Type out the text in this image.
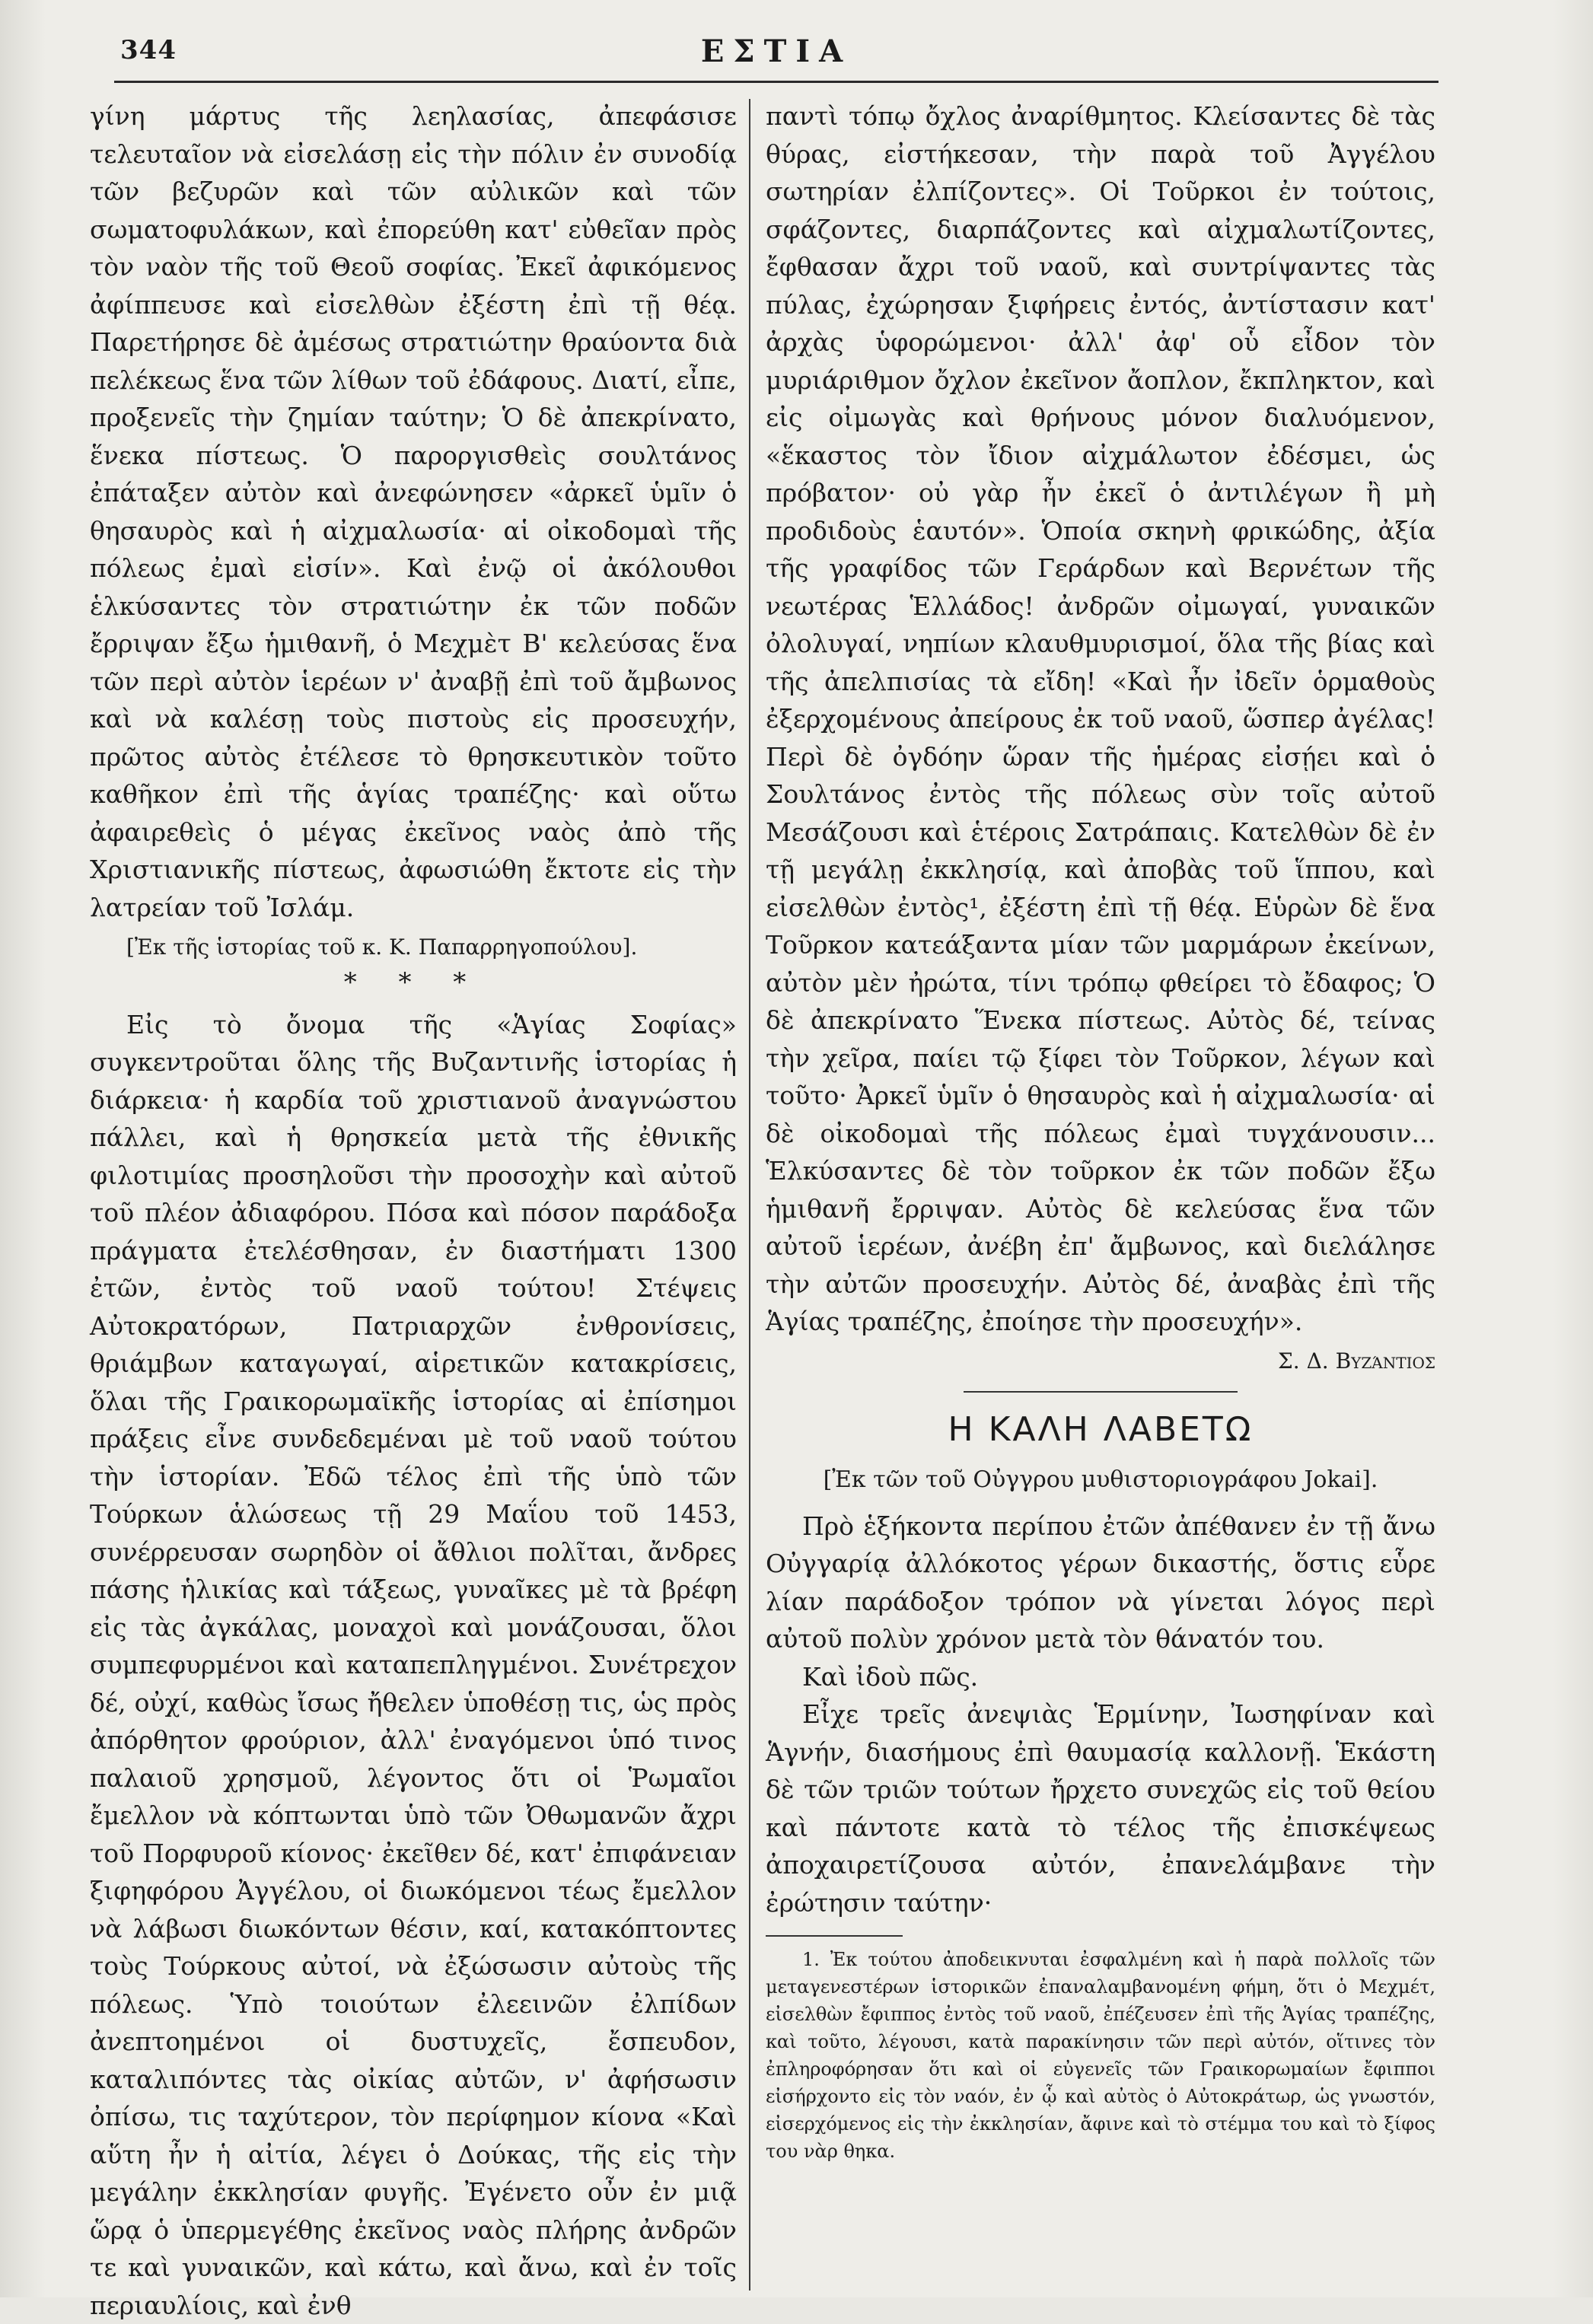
344	ΕΣΤΙΑ

γίνη μάρτυς τῆς λεηλασίας, ἀπεφάσισε τελευταῖον νὰ εἰσελάσῃ εἰς τὴν πόλιν ἐν συνοδίᾳ τῶν βεζυρῶν καὶ τῶν αὐλικῶν καὶ τῶν σωματοφυλάκων, καὶ ἐπορεύθη κατ' εὐθεῖαν πρὸς τὸν ναὸν τῆς τοῦ Θεοῦ σοφίας. Ἐκεῖ ἀφικόμενος ἀφίππευσε καὶ εἰσελθὼν ἐξέστη ἐπὶ τῇ θέᾳ. Παρετήρησε δὲ ἀμέσως στρατιώτην θραύοντα διὰ πελέκεως ἕνα τῶν λίθων τοῦ ἐδάφους. Διατί, εἶπε, προξενεῖς τὴν ζημίαν ταύτην; Ὁ δὲ ἀπεκρίνατο, ἕνεκα πίστεως. Ὁ παροργισθεὶς σουλτάνος ἐπάταξεν αὐτὸν καὶ ἀνεφώνησεν «ἀρκεῖ ὑμῖν ὁ θησαυρὸς καὶ ἡ αἰχμαλωσία· αἱ οἰκοδομαὶ τῆς πόλεως ἐμαὶ εἰσίν». Καὶ ἐνῷ οἱ ἀκόλουθοι ἑλκύσαντες τὸν στρατιώτην ἐκ τῶν ποδῶν ἔρριψαν ἔξω ἡμιθανῆ, ὁ Μεχμὲτ Β' κελεύσας ἕνα τῶν περὶ αὐτὸν ἱερέων ν' ἀναβῇ ἐπὶ τοῦ ἄμβωνος καὶ νὰ καλέσῃ τοὺς πιστοὺς εἰς προσευχήν, πρῶτος αὐτὸς ἐτέλεσε τὸ θρησκευτικὸν τοῦτο καθῆκον ἐπὶ τῆς ἁγίας τραπέζης· καὶ οὕτω ἀφαιρεθεὶς ὁ μέγας ἐκεῖνος ναὸς ἀπὸ τῆς Χριστιανικῆς πίστεως, ἀφωσιώθη ἔκτοτε εἰς τὴν λατρείαν τοῦ Ἰσλάμ.

[Ἐκ τῆς ἱστορίας τοῦ κ. Κ. Παπαρρηγοπούλου].

* * *

Εἰς τὸ ὄνομα τῆς «Ἁγίας Σοφίας» συγκεντροῦται ὅλης τῆς Βυζαντινῆς ἱστορίας ἡ διάρκεια· ἡ καρδία τοῦ χριστιανοῦ ἀναγνώστου πάλλει, καὶ ἡ θρησκεία μετὰ τῆς ἐθνικῆς φιλοτιμίας προσηλοῦσι τὴν προσοχὴν καὶ αὐτοῦ τοῦ πλέον ἀδιαφόρου. Πόσα καὶ πόσον παράδοξα πράγματα ἐτελέσθησαν, ἐν διαστήματι 1300 ἐτῶν, ἐντὸς τοῦ ναοῦ τούτου! Στέψεις Αὐτοκρατόρων, Πατριαρχῶν ἐνθρονίσεις, θριάμβων καταγωγαί, αἱρετικῶν κατακρίσεις, ὅλαι τῆς Γραικορωμαϊκῆς ἱστορίας αἱ ἐπίσημοι πράξεις εἶνε συνδεδεμέναι μὲ τοῦ ναοῦ τούτου τὴν ἱστορίαν. Ἐδῶ τέλος ἐπὶ τῆς ὑπὸ τῶν Τούρκων ἁλώσεως τῇ 29 Μαΐου τοῦ 1453, συνέρρευσαν σωρηδὸν οἱ ἄθλιοι πολῖται, ἄνδρες πάσης ἡλικίας καὶ τάξεως, γυναῖκες μὲ τὰ βρέφη εἰς τὰς ἀγκάλας, μοναχοὶ καὶ μονάζουσαι, ὅλοι συμπεφυρμένοι καὶ καταπεπληγμένοι. Συνέτρεχον δέ, οὐχί, καθὼς ἴσως ἤθελεν ὑποθέσῃ τις, ὡς πρὸς ἀπόρθητον φρούριον, ἀλλ' ἐναγόμενοι ὑπό τινος παλαιοῦ χρησμοῦ, λέγοντος ὅτι οἱ Ῥωμαῖοι ἔμελλον νὰ κόπτωνται ὑπὸ τῶν Ὀθωμανῶν ἄχρι τοῦ Πορφυροῦ κίονος· ἐκεῖθεν δέ, κατ' ἐπιφάνειαν ξιφηφόρου Ἀγγέλου, οἱ διωκόμενοι τέως ἔμελλον νὰ λάβωσι διωκόντων θέσιν, καί, κατακόπτοντες τοὺς Τούρκους αὐτοί, νὰ ἐξώσωσιν αὐτοὺς τῆς πόλεως. Ὑπὸ τοιούτων ἐλεεινῶν ἐλπίδων ἀνεπτοημένοι οἱ δυστυχεῖς, ἔσπευδον, καταλιπόντες τὰς οἰκίας αὐτῶν, ν' ἀφήσωσιν ὀπίσω, τις ταχύτερον, τὸν περίφημον κίονα «Καὶ αὕτη ἦν ἡ αἰτία, λέγει ὁ Δούκας, τῆς εἰς τὴν μεγάλην ἐκκλησίαν φυγῆς. Ἐγένετο οὖν ἐν μιᾷ ὥρᾳ ὁ ὑπερμεγέθης ἐκεῖνος ναὸς πλήρης ἀνδρῶν τε καὶ γυναικῶν, καὶ κάτω, καὶ ἄνω, καὶ ἐν τοῖς περιαυλίοις, καὶ ἐνθ

παντὶ τόπῳ ὄχλος ἀναρίθμητος. Κλείσαντες δὲ τὰς θύρας, εἰστήκεσαν, τὴν παρὰ τοῦ Ἀγγέλου σωτηρίαν ἐλπίζοντες». Οἱ Τοῦρκοι ἐν τούτοις, σφάζοντες, διαρπάζοντες καὶ αἰχμαλωτίζοντες, ἔφθασαν ἄχρι τοῦ ναοῦ, καὶ συντρίψαντες τὰς πύλας, ἐχώρησαν ξιφήρεις ἐντός, ἀντίστασιν κατ' ἀρχὰς ὑφορώμενοι· ἀλλ' ἀφ' οὗ εἶδον τὸν μυριάριθμον ὄχλον ἐκεῖνον ἄοπλον, ἔκπληκτον, καὶ εἰς οἰμωγὰς καὶ θρήνους μόνον διαλυόμενον, «ἕκαστος τὸν ἴδιον αἰχμάλωτον ἐδέσμει, ὡς πρόβατον· οὐ γὰρ ἦν ἐκεῖ ὁ ἀντιλέγων ἢ μὴ προδιδοὺς ἑαυτόν». Ὁποία σκηνὴ φρικώδης, ἀξία τῆς γραφίδος τῶν Γεράρδων καὶ Βερνέτων τῆς νεωτέρας Ἑλλάδος! ἀνδρῶν οἰμωγαί, γυναικῶν ὀλολυγαί, νηπίων κλαυθμυρισμοί, ὅλα τῆς βίας καὶ τῆς ἀπελπισίας τὰ εἴδη! «Καὶ ἦν ἰδεῖν ὁρμαθοὺς ἐξερχομένους ἀπείρους ἐκ τοῦ ναοῦ, ὥσπερ ἀγέλας! Περὶ δὲ ὀγδόην ὥραν τῆς ἡμέρας εἰσῄει καὶ ὁ Σουλτάνος ἐντὸς τῆς πόλεως σὺν τοῖς αὐτοῦ Μεσάζουσι καὶ ἑτέροις Σατράπαις. Κατελθὼν δὲ ἐν τῇ μεγάλῃ ἐκκλησίᾳ, καὶ ἀποβὰς τοῦ ἵππου, καὶ εἰσελθὼν ἐντὸς¹, ἐξέστη ἐπὶ τῇ θέᾳ. Εὑρὼν δὲ ἕνα Τοῦρκον κατεάξαντα μίαν τῶν μαρμάρων ἐκείνων, αὐτὸν μὲν ἠρώτα, τίνι τρόπῳ φθείρει τὸ ἔδαφος; Ὁ δὲ ἀπεκρίνατο Ἕνεκα πίστεως. Αὐτὸς δέ, τείνας τὴν χεῖρα, παίει τῷ ξίφει τὸν Τοῦρκον, λέγων καὶ τοῦτο· Ἀρκεῖ ὑμῖν ὁ θησαυρὸς καὶ ἡ αἰχμαλωσία· αἱ δὲ οἰκοδομαὶ τῆς πόλεως ἐμαὶ τυγχάνουσιν... Ἑλκύσαντες δὲ τὸν τοῦρκον ἐκ τῶν ποδῶν ἔξω ἡμιθανῆ ἔρριψαν. Αὐτὸς δὲ κελεύσας ἕνα τῶν αὐτοῦ ἱερέων, ἀνέβη ἐπ' ἄμβωνος, καὶ διελάλησε τὴν αὐτῶν προσευχήν. Αὐτὸς δέ, ἀναβὰς ἐπὶ τῆς Ἁγίας τραπέζης, ἐποίησε τὴν προσευχήν».

Σ. Δ. Βυζάντιος
Η ΚΑΛΗ ΛΑΒΕΤΩ
[Ἐκ τῶν τοῦ Οὐγγρου μυθιστοριογράφου Jokai].

Πρὸ ἑξήκοντα περίπου ἐτῶν ἀπέθανεν ἐν τῇ ἄνω Οὐγγαρίᾳ ἀλλόκοτος γέρων δικαστής, ὅστις εὗρε λίαν παράδοξον τρόπον νὰ γίνεται λόγος περὶ αὐτοῦ πολὺν χρόνον μετὰ τὸν θάνατόν του.

Καὶ ἰδοὺ πῶς.

Εἶχε τρεῖς ἀνεψιὰς Ἑρμίνην, Ἰωσηφίναν καὶ Ἁγνήν, διασήμους ἐπὶ θαυμασίᾳ καλλονῇ. Ἑκάστη δὲ τῶν τριῶν τούτων ἤρχετο συνεχῶς εἰς τοῦ θείου καὶ πάντοτε κατὰ τὸ τέλος τῆς ἐπισκέψεως ἀποχαιρετίζουσα αὐτόν, ἐπανελάμβανε τὴν ἐρώτησιν ταύτην·

1. Ἐκ τούτου ἀποδεικνυται ἐσφαλμένη καὶ ἡ παρὰ πολλοῖς τῶν μεταγενεστέρων ἱστορικῶν ἐπαναλαμβανομένη φήμη, ὅτι ὁ Μεχμέτ, εἰσελθὼν ἔφιππος ἐντὸς τοῦ ναοῦ, ἐπέζευσεν ἐπὶ τῆς Ἁγίας τραπέζης, καὶ τοῦτο, λέγουσι, κατὰ παρακίνησιν τῶν περὶ αὐτόν, οἵτινες τὸν ἐπληροφόρησαν ὅτι καὶ οἱ εὐγενεῖς τῶν Γραικορωμαίων ἔφιπποι εἰσήρχοντο εἰς τὸν ναόν, ἐν ᾧ καὶ αὐτὸς ὁ Αὐτοκράτωρ, ὡς γνωστόν, εἰσερχόμενος εἰς τὴν ἐκκλησίαν, ἄφινε καὶ τὸ στέμμα του καὶ τὸ ξίφος του νὰρ θηκα.
